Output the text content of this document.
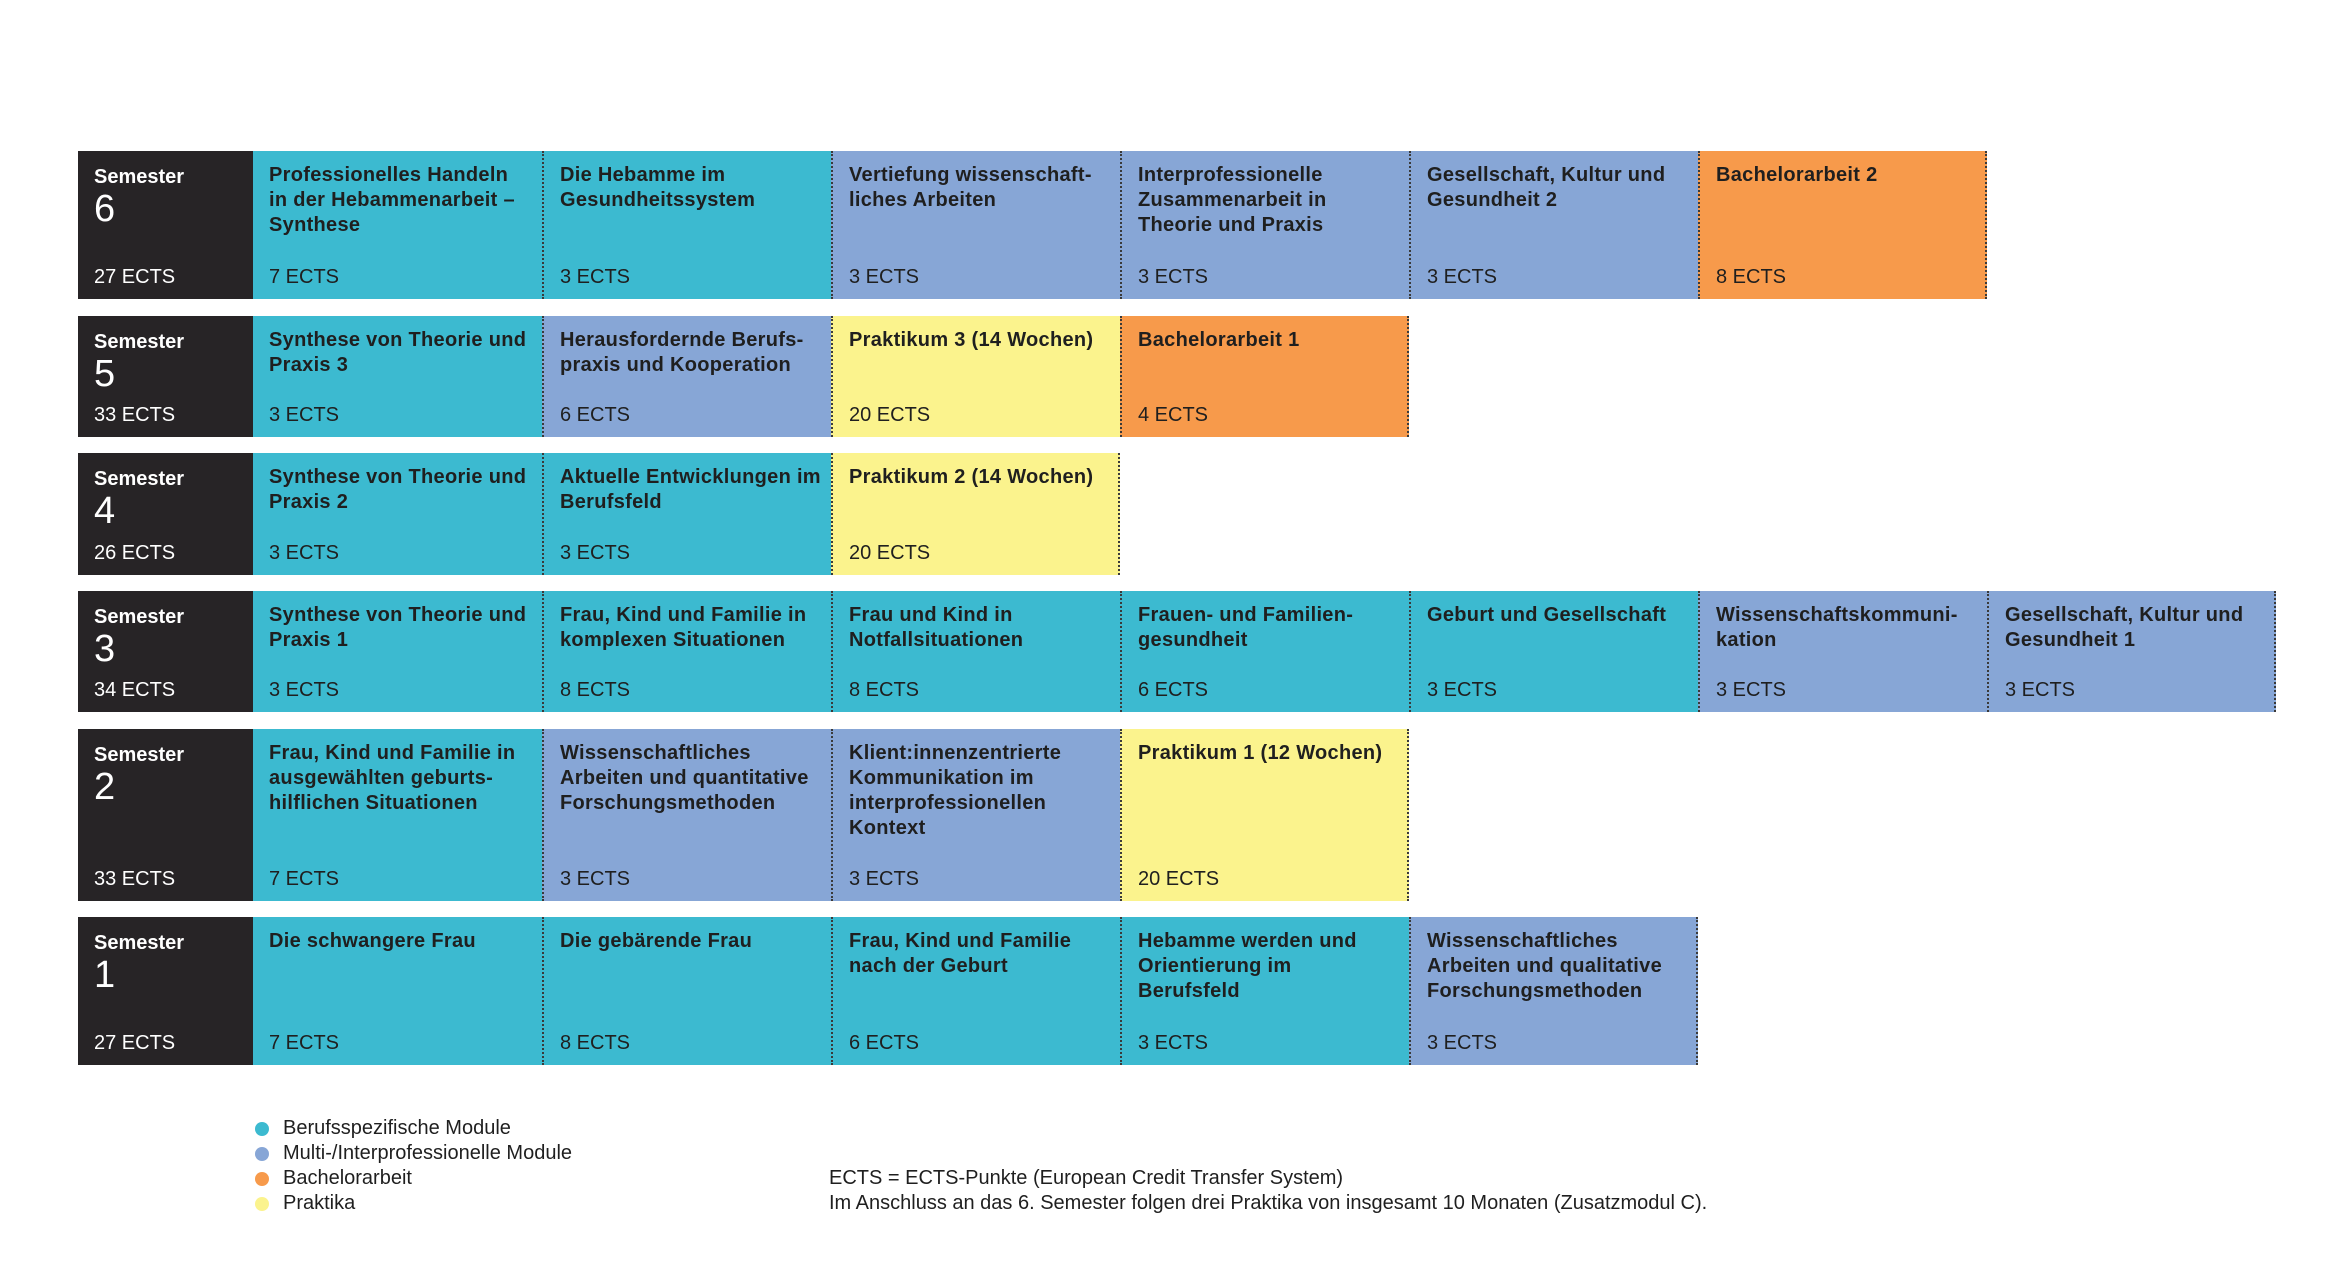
Semester
6
27 ECTS
Professionelles Handeln in der Hebammenarbeit – Synthese
7 ECTS
Die Hebamme im Gesundheitssystem
3 ECTS
Vertiefung wissenschaft-liches Arbeiten
3 ECTS
Interprofessionelle Zusammenarbeit in Theorie und Praxis
3 ECTS
Gesellschaft, Kultur und Gesundheit 2
3 ECTS
Bachelorarbeit 2
8 ECTS
Semester
5
33 ECTS
Synthese von Theorie und Praxis 3
3 ECTS
Herausfordernde Berufs-praxis und Kooperation
6 ECTS
Praktikum 3 (14 Wochen)
20 ECTS
Bachelorarbeit 1
4 ECTS
Semester
4
26 ECTS
Synthese von Theorie und Praxis 2
3 ECTS
Aktuelle Entwicklungen im Berufsfeld
3 ECTS
Praktikum 2 (14 Wochen)
20 ECTS
Semester
3
34 ECTS
Synthese von Theorie und Praxis 1
3 ECTS
Frau, Kind und Familie in komplexen Situationen
8 ECTS
Frau und Kind in Notfallsituationen
8 ECTS
Frauen- und Familien-gesundheit
6 ECTS
Geburt und Gesellschaft
3 ECTS
Wissenschaftskommuni-kation
3 ECTS
Gesellschaft, Kultur und Gesundheit 1
3 ECTS
Semester
2
33 ECTS
Frau, Kind und Familie in ausgewählten geburts-hilflichen Situationen
7 ECTS
Wissenschaftliches Arbeiten und quantitative Forschungsmethoden
3 ECTS
Klient:innenzentrierte Kommunikation im interprofessionellen Kontext
3 ECTS
Praktikum 1 (12 Wochen)
20 ECTS
Semester
1
27 ECTS
Die schwangere Frau
7 ECTS
Die gebärende Frau
8 ECTS
Frau, Kind und Familie nach der Geburt
6 ECTS
Hebamme werden und Orientierung im Berufsfeld
3 ECTS
Wissenschaftliches Arbeiten und qualitative Forschungsmethoden
3 ECTS
Berufsspezifische Module
Multi-/Interprofessionelle Module
Bachelorarbeit
Praktika
ECTS = ECTS-Punkte (European Credit Transfer System)
Im Anschluss an das 6. Semester folgen drei Praktika von insgesamt 10 Monaten (Zusatzmodul C).
